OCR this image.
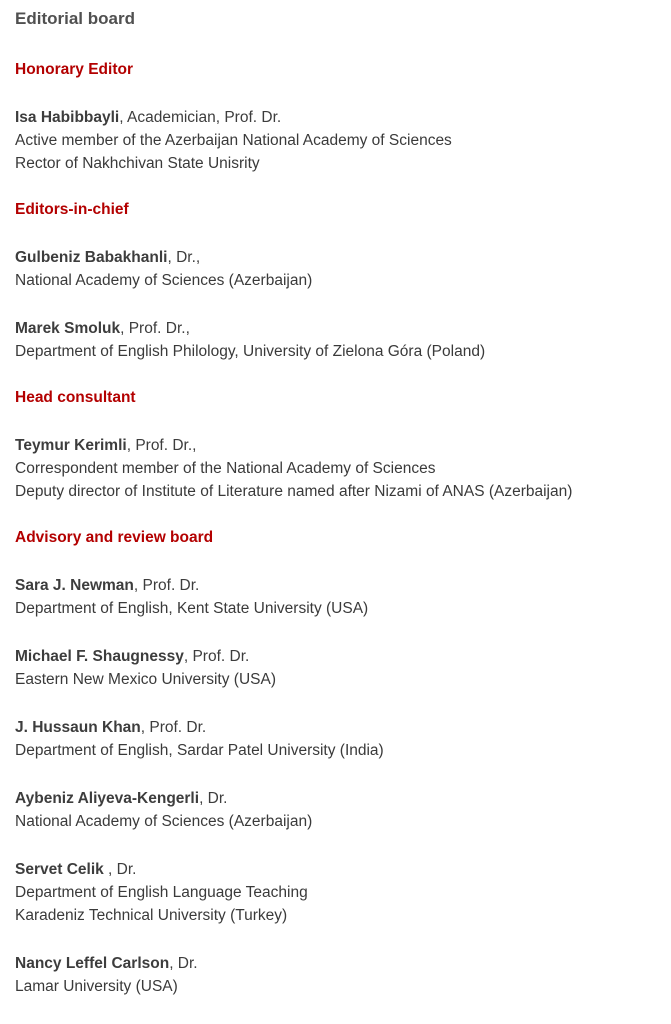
Editorial board
Honorary Editor
Isa Habibbayli, Academician, Prof. Dr.
Active member of the Azerbaijan National Academy of Sciences
Rector of Nakhchivan State Unisrity
Editors-in-chief
Gulbeniz Babakhanli, Dr.,
National Academy of Sciences (Azerbaijan)
Marek Smoluk, Prof. Dr.,
Department of English Philology, University of Zielona Góra (Poland)
Head consultant
Teymur Kerimli, Prof. Dr.,
Correspondent member of the National Academy of Sciences
Deputy director of Institute of Literature named after Nizami of ANAS (Azerbaijan)
Advisory and review board
Sara J. Newman, Prof. Dr.
Department of English, Kent State University (USA)
Michael F. Shaugnessy, Prof. Dr.
Eastern New Mexico University (USA)
J. Hussaun Khan, Prof. Dr.
Department of English, Sardar Patel University (India)
Aybeniz Aliyeva-Kengerli, Dr.
National Academy of Sciences (Azerbaijan)
Servet Celik , Dr.
Department of English Language Teaching
Karadeniz Technical University (Turkey)
Nancy Leffel Carlson, Dr.
Lamar University (USA)
